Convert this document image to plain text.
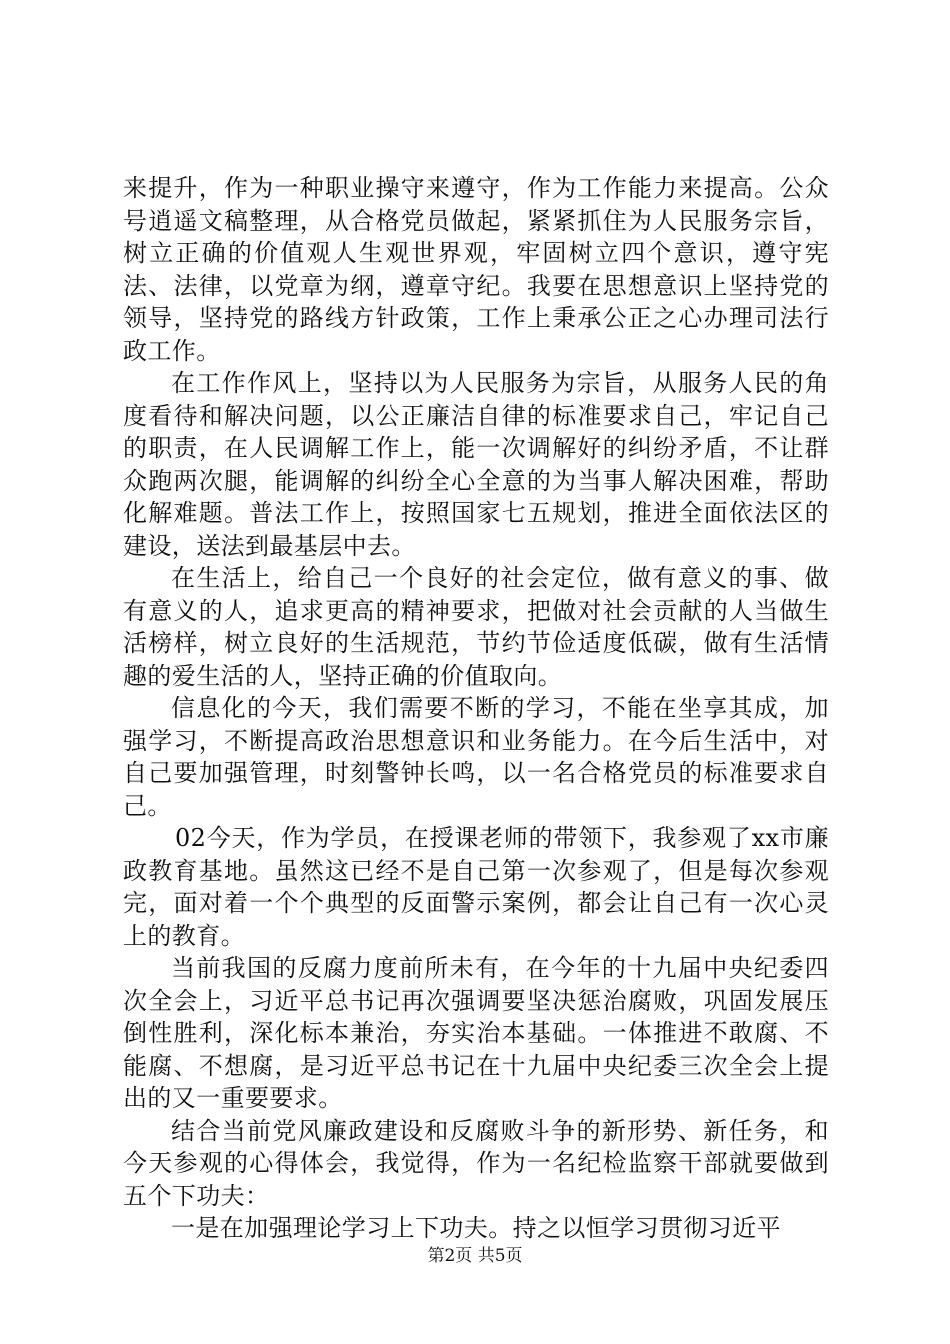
来提升，作为一种职业操守来遵守，作为工作能力来提高。公众号逍遥文稿整理，从合格党员做起，紧紧抓住为人民服务宗旨，树立正确的价值观人生观世界观，牢固树立四个意识，遵守宪法、法律，以党章为纲，遵章守纪。我要在思想意识上坚持党的领导，坚持党的路线方针政策，工作上秉承公正之心办理司法行政工作。

在工作作风上，坚持以为人民服务为宗旨，从服务人民的角度看待和解决问题，以公正廉洁自律的标准要求自己，牢记自己的职责，在人民调解工作上，能一次调解好的纠纷矛盾，不让群众跑两次腿，能调解的纠纷全心全意的为当事人解决困难，帮助化解难题。普法工作上，按照国家七五规划，推进全面依法区的建设，送法到最基层中去。

在生活上，给自己一个良好的社会定位，做有意义的事、做有意义的人，追求更高的精神要求，把做对社会贡献的人当做生活榜样，树立良好的生活规范，节约节俭适度低碳，做有生活情趣的爱生活的人，坚持正确的价值取向。

信息化的今天，我们需要不断的学习，不能在坐享其成，加强学习，不断提高政治思想意识和业务能力。在今后生活中，对自己要加强管理，时刻警钟长鸣，以一名合格党员的标准要求自己。

02今天，作为学员，在授课老师的带领下，我参观了xx市廉政教育基地。虽然这已经不是自己第一次参观了，但是每次参观完，面对着一个个典型的反面警示案例，都会让自己有一次心灵上的教育。

当前我国的反腐力度前所未有，在今年的十九届中央纪委四次全会上，习近平总书记再次强调要坚决惩治腐败，巩固发展压倒性胜利，深化标本兼治，夯实治本基础。一体推进不敢腐、不能腐、不想腐，是习近平总书记在十九届中央纪委三次全会上提出的又一重要要求。

结合当前党风廉政建设和反腐败斗争的新形势、新任务，和今天参观的心得体会，我觉得，作为一名纪检监察干部就要做到五个下功夫：

一是在加强理论学习上下功夫。持之以恒学习贯彻习近平

第2页 共5页
